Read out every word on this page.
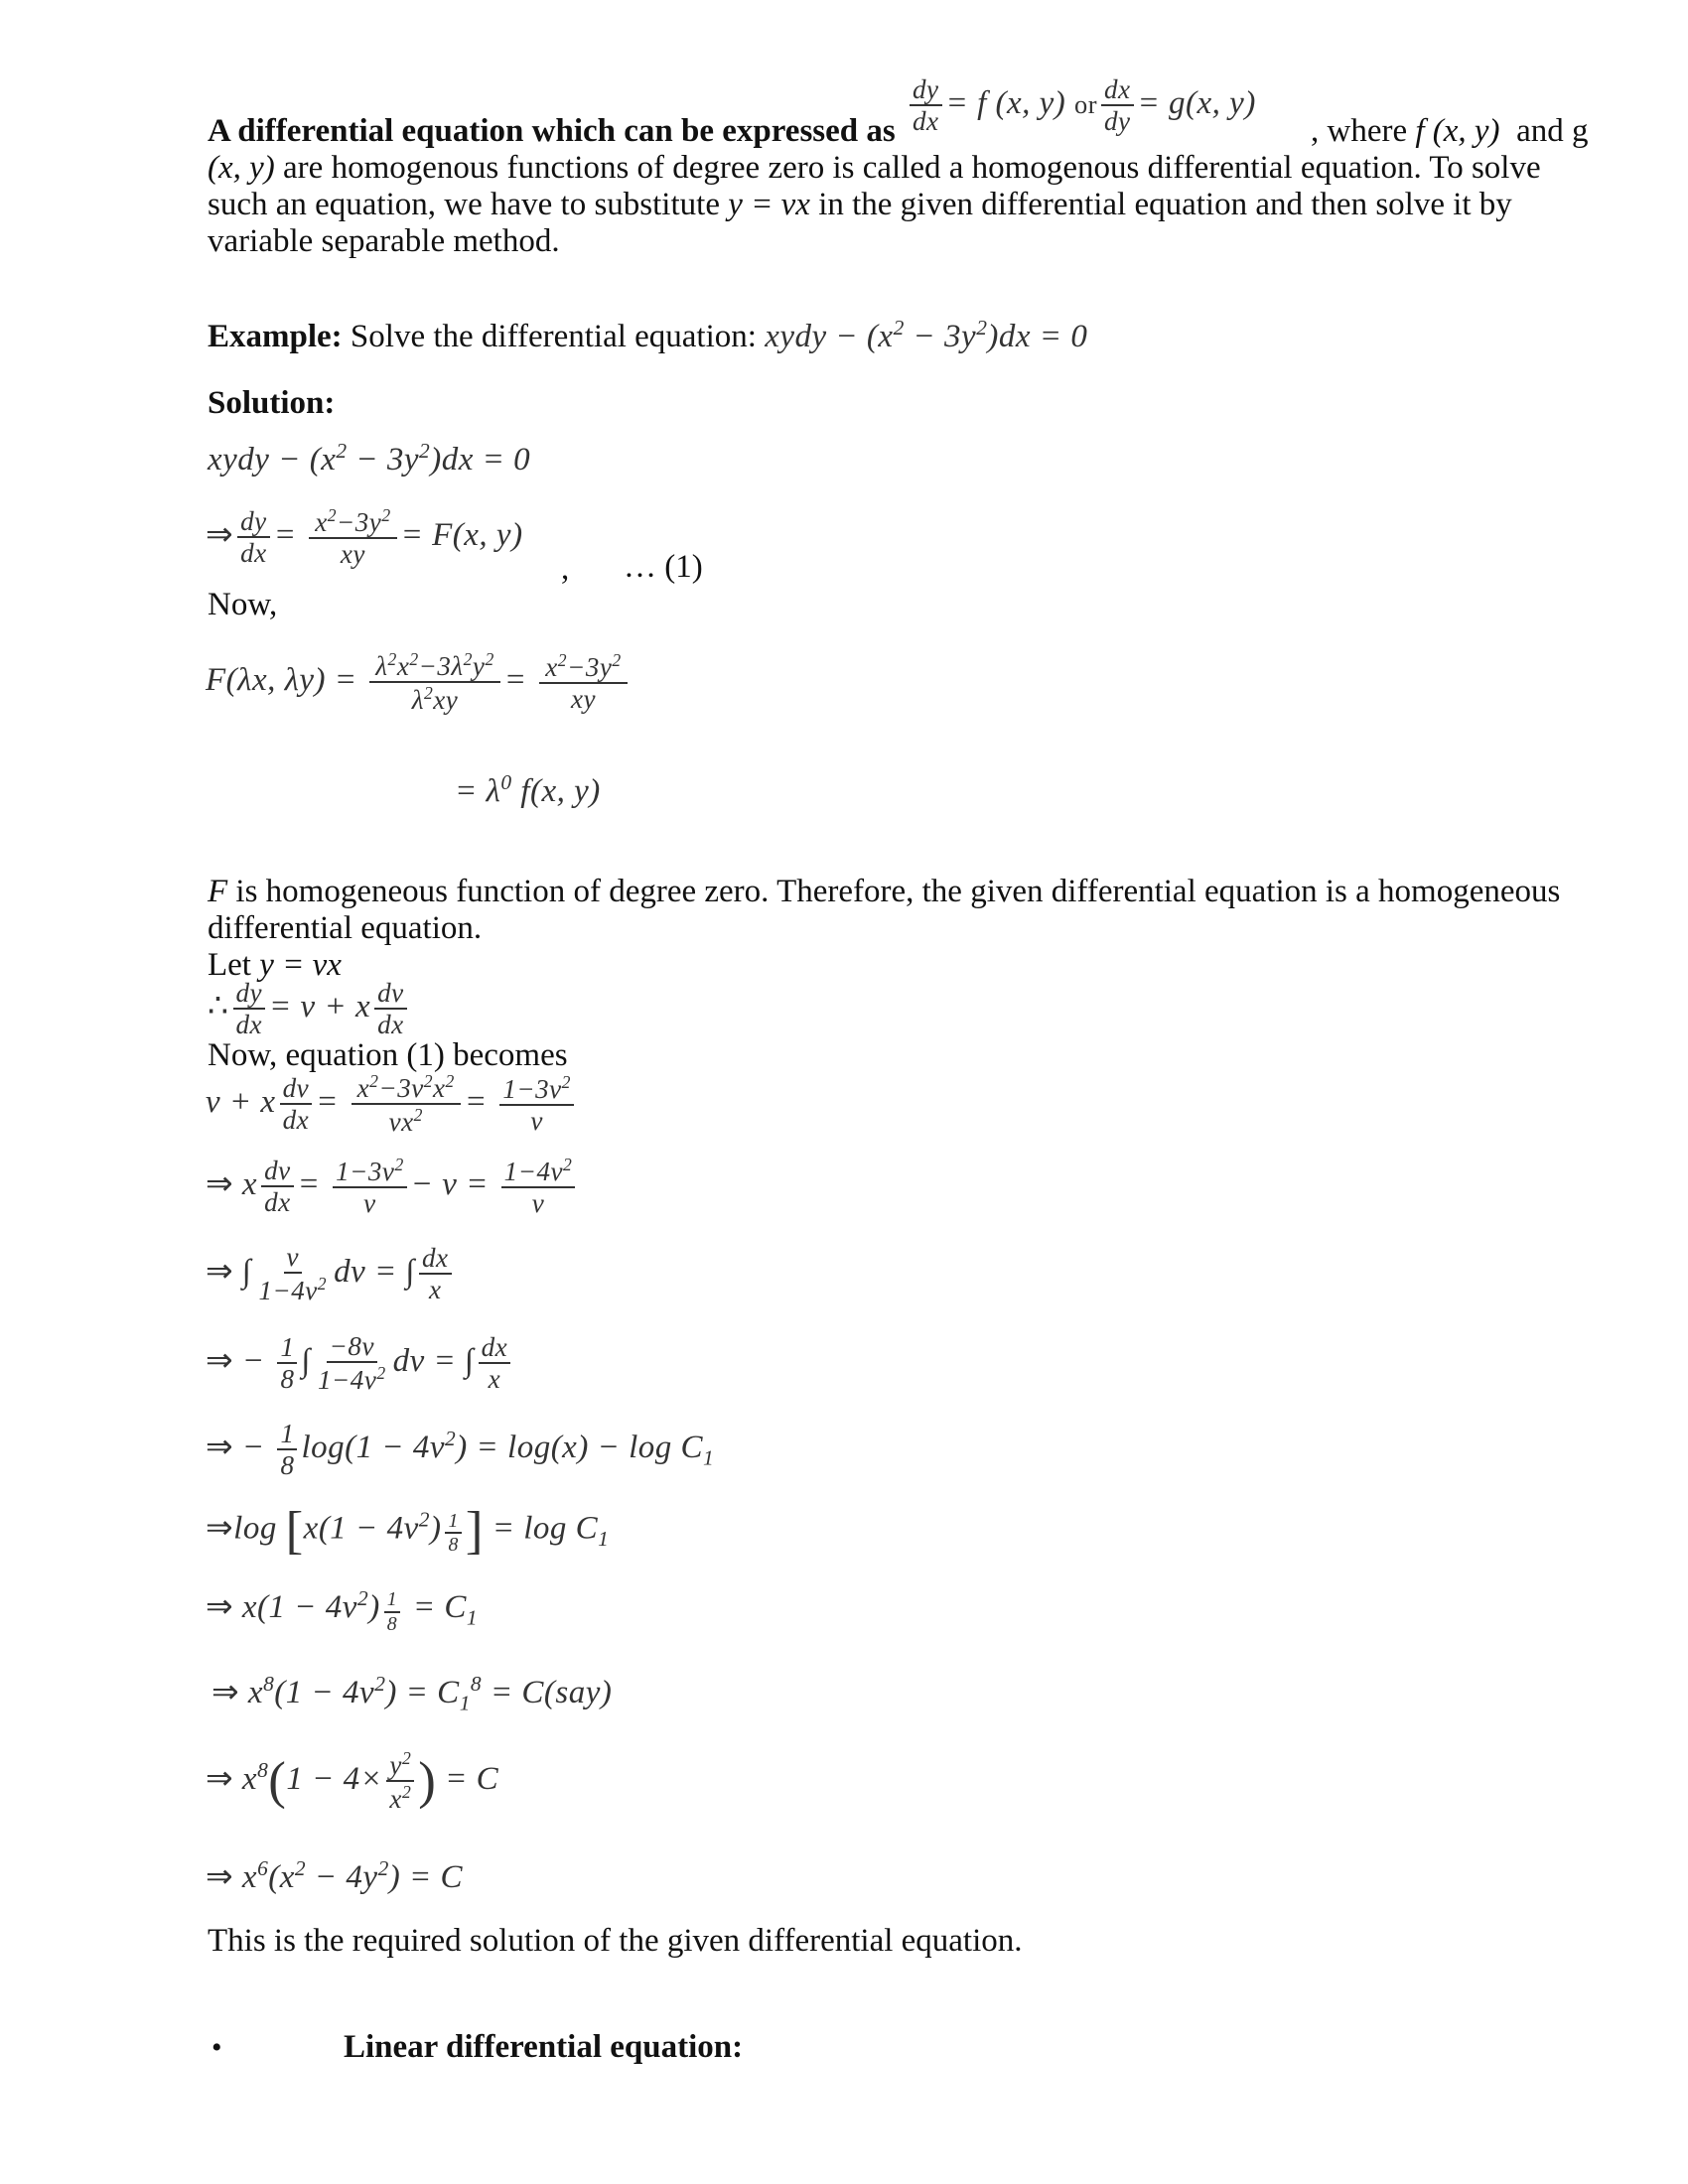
$\frac{dy}{dx} = f$ (x, y) or $\frac{dx}{dy} = g(x$, y)
A differential equation which can be expressed as	, where f (x, y) and g
(x, y) are homogenous functions of degree zero is called a homogenous differential equation. To solve
such an equation, we have to substitute y = vx in the given differential equation and then solve it by
variable separable method.
Example: Solve the differential equation: xydy − $(x^2 - 3y^2)dx = 0$
Solution:
xydy − $(x^2 - 3y^2)dx = 0$
⇒ $\frac{dy}{dx} = \frac{x^2-3y^2}{xy} = F(x$, y)
, … (1)
Now,
F(λx, $\lambda y) = \frac{\lambda^2x^2-3\lambda^2y^2}{\lambda^2xy} = \frac{x^2-3y^2}{xy}$
= $\lambda^0$ f(x, y)
F is homogeneous function of degree zero. Therefore, the given differential equation is a homogeneous
differential equation.
Let y = vx
∴ $\frac{dy}{dx} = v + x \frac{dv}{dx}$
Now, equation (1) becomes
v + x $\frac{dv}{dx} = \frac{x^2-3v^2x^2}{vx^2} = \frac{1-3v^2}{v}$
⇒ x $\frac{dv}{dx} = \frac{1-3v^2}{v} - v = \frac{1-4v^2}{v}$
⇒ ∫ $\frac{v}{1-4v^2}$ dv = ∫ $\frac{dx}{x}$
⇒ − $\frac{1}{8}$ ∫ $\frac{-8v}{1-4v^2}$ dv = ∫ $\frac{dx}{x}$
⇒ − $\frac{1}{8} \log(1 - 4v^2) = \log(x) - \log C_1$
⇒log [$x(1 - 4v^2) \frac{1}{8}$ ] = $\log C_1$
⇒ $x(1 - 4v^2) \frac{1}{8} = C_1$
⇒ $x^8(1 - 4v^2) = C_1^8 = C(say)$
⇒ $x^8(1 - 4\times \frac{y^2}{x^2}$ ) = C
⇒ $x^6(x^2 - 4y^2) = C$
This is the required solution of the given differential equation.
•	Linear differential equation:
